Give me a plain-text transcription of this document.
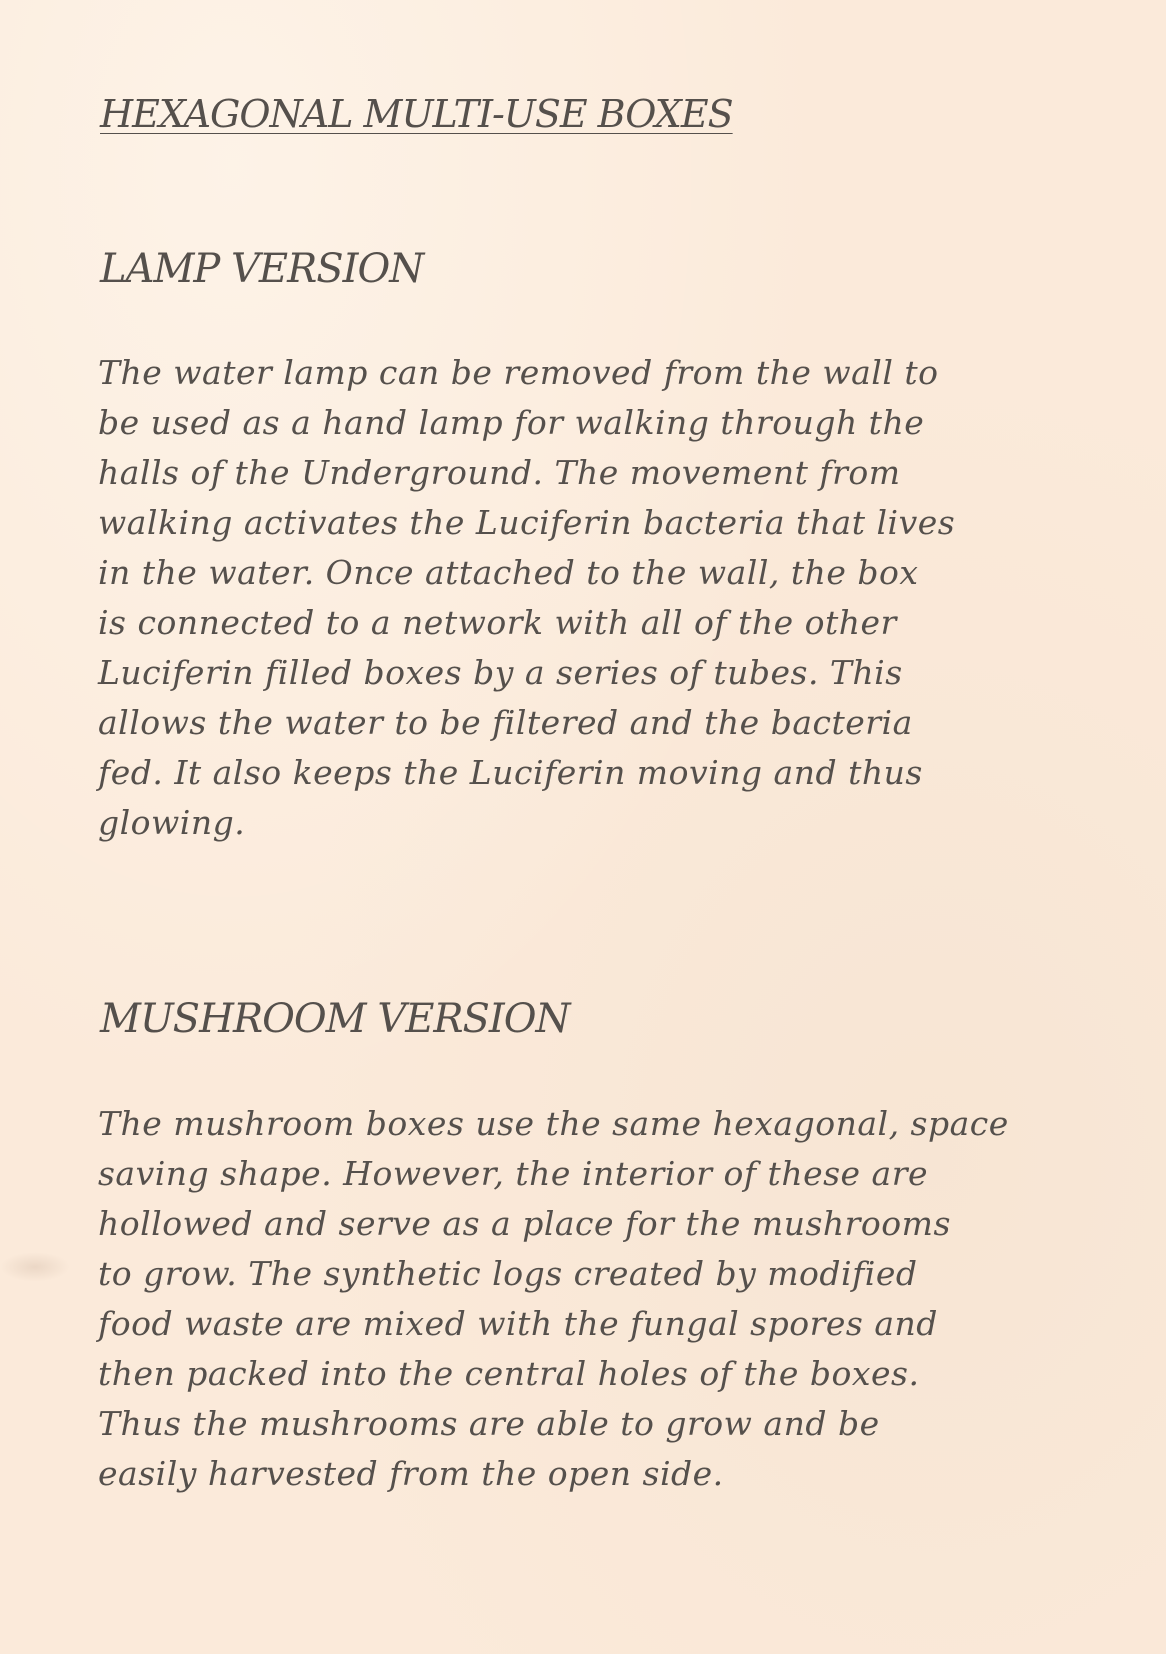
HEXAGONAL MULTI-USE BOXES
LAMP VERSION

The water lamp can be removed from the wall to
be used as a hand lamp for walking through the
halls of the Underground. The movement from
walking activates the Luciferin bacteria that lives
in the water. Once attached to the wall, the box
is connected to a network with all of the other
Luciferin filled boxes by a series of tubes. This
allows the water to be filtered and the bacteria
fed. It also keeps the Luciferin moving and thus
glowing.

MUSHROOM VERSION

The mushroom boxes use the same hexagonal, space
saving shape. However, the interior of these are
hollowed and serve as a place for the mushrooms
to grow. The synthetic logs created by modified
food waste are mixed with the fungal spores and
then packed into the central holes of the boxes.
Thus the mushrooms are able to grow and be
easily harvested from the open side.
